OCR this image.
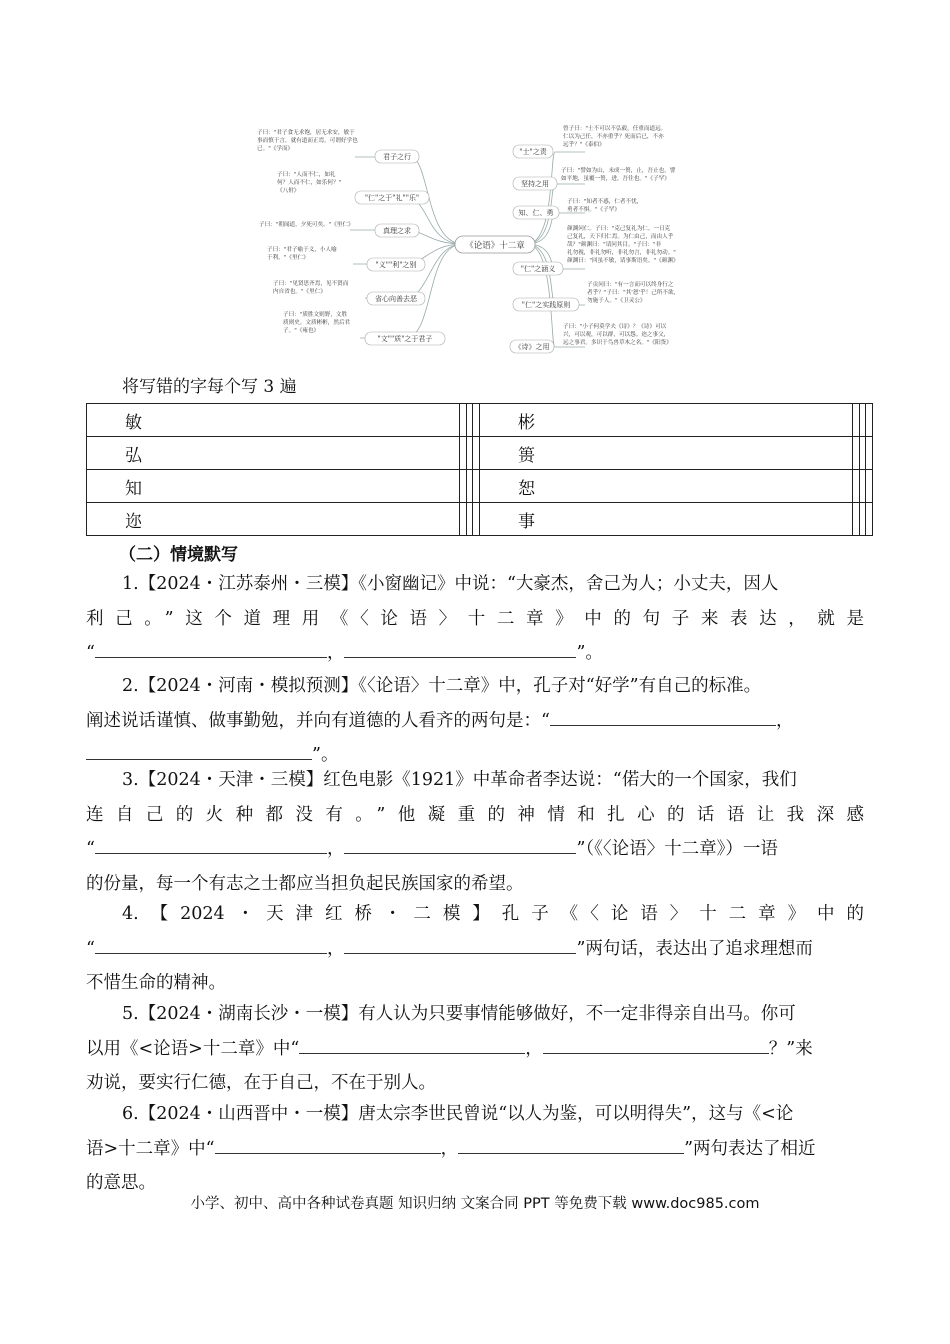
《论语》十二章
君子之行
"仁"之于"礼""乐"
真理之求
"义""利"之别
省心向善去恶
"文""质"之于君子
"士"之责
坚持之用
知、仁、勇
"仁"之涵义
"仁"之实践原则
《诗》之用
子曰："君子食无求饱，居无求安，敏于
事而慎于言，就有道而正焉，可谓好学也
已。"《学而》
子曰："人而不仁，如礼
何？人而不仁，如乐何？"
《八佾》
子曰："朝闻道，夕死可矣。"《里仁》
子曰："君子喻于义，小人喻
于利。"《里仁》
子曰："见贤思齐焉，见不贤而
内自省也。"《里仁》
子曰："质胜文则野，文胜
质则史。文质彬彬，然后君
子。"《雍也》
曾子曰："士不可以不弘毅，任重而道远。
仁以为己任，不亦重乎？死而后已，不亦
远乎？"《泰伯》
子曰："譬如为山，未成一篑，止，吾止也。譬
如平地，虽覆一篑，进，吾往也。"《子罕》
子曰："知者不惑，仁者不忧，
勇者不惧。"《子罕》
颜渊问仁。子曰："克己复礼为仁。一日克
己复礼，天下归仁焉。为仁由己，而由人乎
哉？"颜渊曰："请问其目。"子曰："非
礼勿视，非礼勿听，非礼勿言，非礼勿动。"
颜渊曰："回虽不敏，请事斯语矣。"《颜渊》
子贡问曰："有一言而可以终身行之
者乎？"子曰："其'恕'乎！己所不欲，
勿施于人。"《卫灵公》
子曰："小子何莫学夫《诗》？《诗》可以
兴，可以观，可以群，可以怨。迩之事父，
远之事君。多识于鸟兽草木之名。"《阳货》
将写错的字每个写 3 遍
敏				彬			
弘				篑			
知				恕			
迩				事			
（二）情境默写

1.【2024・江苏泰州・三模】《小窗幽记》中说：“大豪杰，舍己为人；小丈夫，因人

利己。”这个道理用《〈论语〉十二章》中的句子来表达，就是

“	，	”。

2.【2024・河南・模拟预测】《〈论语〉十二章》中，孔子对“好学”有自己的标准。

阐述说话谨慎、做事勤勉，并向有道德的人看齐的两句是：“	，

”。

3.【2024・天津・三模】红色电影《1921》中革命者李达说：“偌大的一个国家，我们

连自己的火种都没有。”他凝重的神情和扎心的话语让我深感

“	，	”（《〈论语〉十二章》）一语

的份量，每一个有志之士都应当担负起民族国家的希望。

4.【2024・天津红桥・二模】孔子《〈论语〉十二章》中的

“	，	”两句话，表达出了追求理想而

不惜生命的精神。

5.【2024・湖南长沙・一模】有人认为只要事情能够做好，不一定非得亲自出马。你可

以用《<论语>十二章》中“	，	？”来

劝说，要实行仁德，在于自己，不在于别人。

6.【2024・山西晋中・一模】唐太宗李世民曾说“以人为鉴，可以明得失”，这与《<论

语>十二章》中“	，	”两句表达了相近

的意思。

小学、初中、高中各种试卷真题 知识归纳 文案合同 PPT 等免费下载 www.doc985.com
